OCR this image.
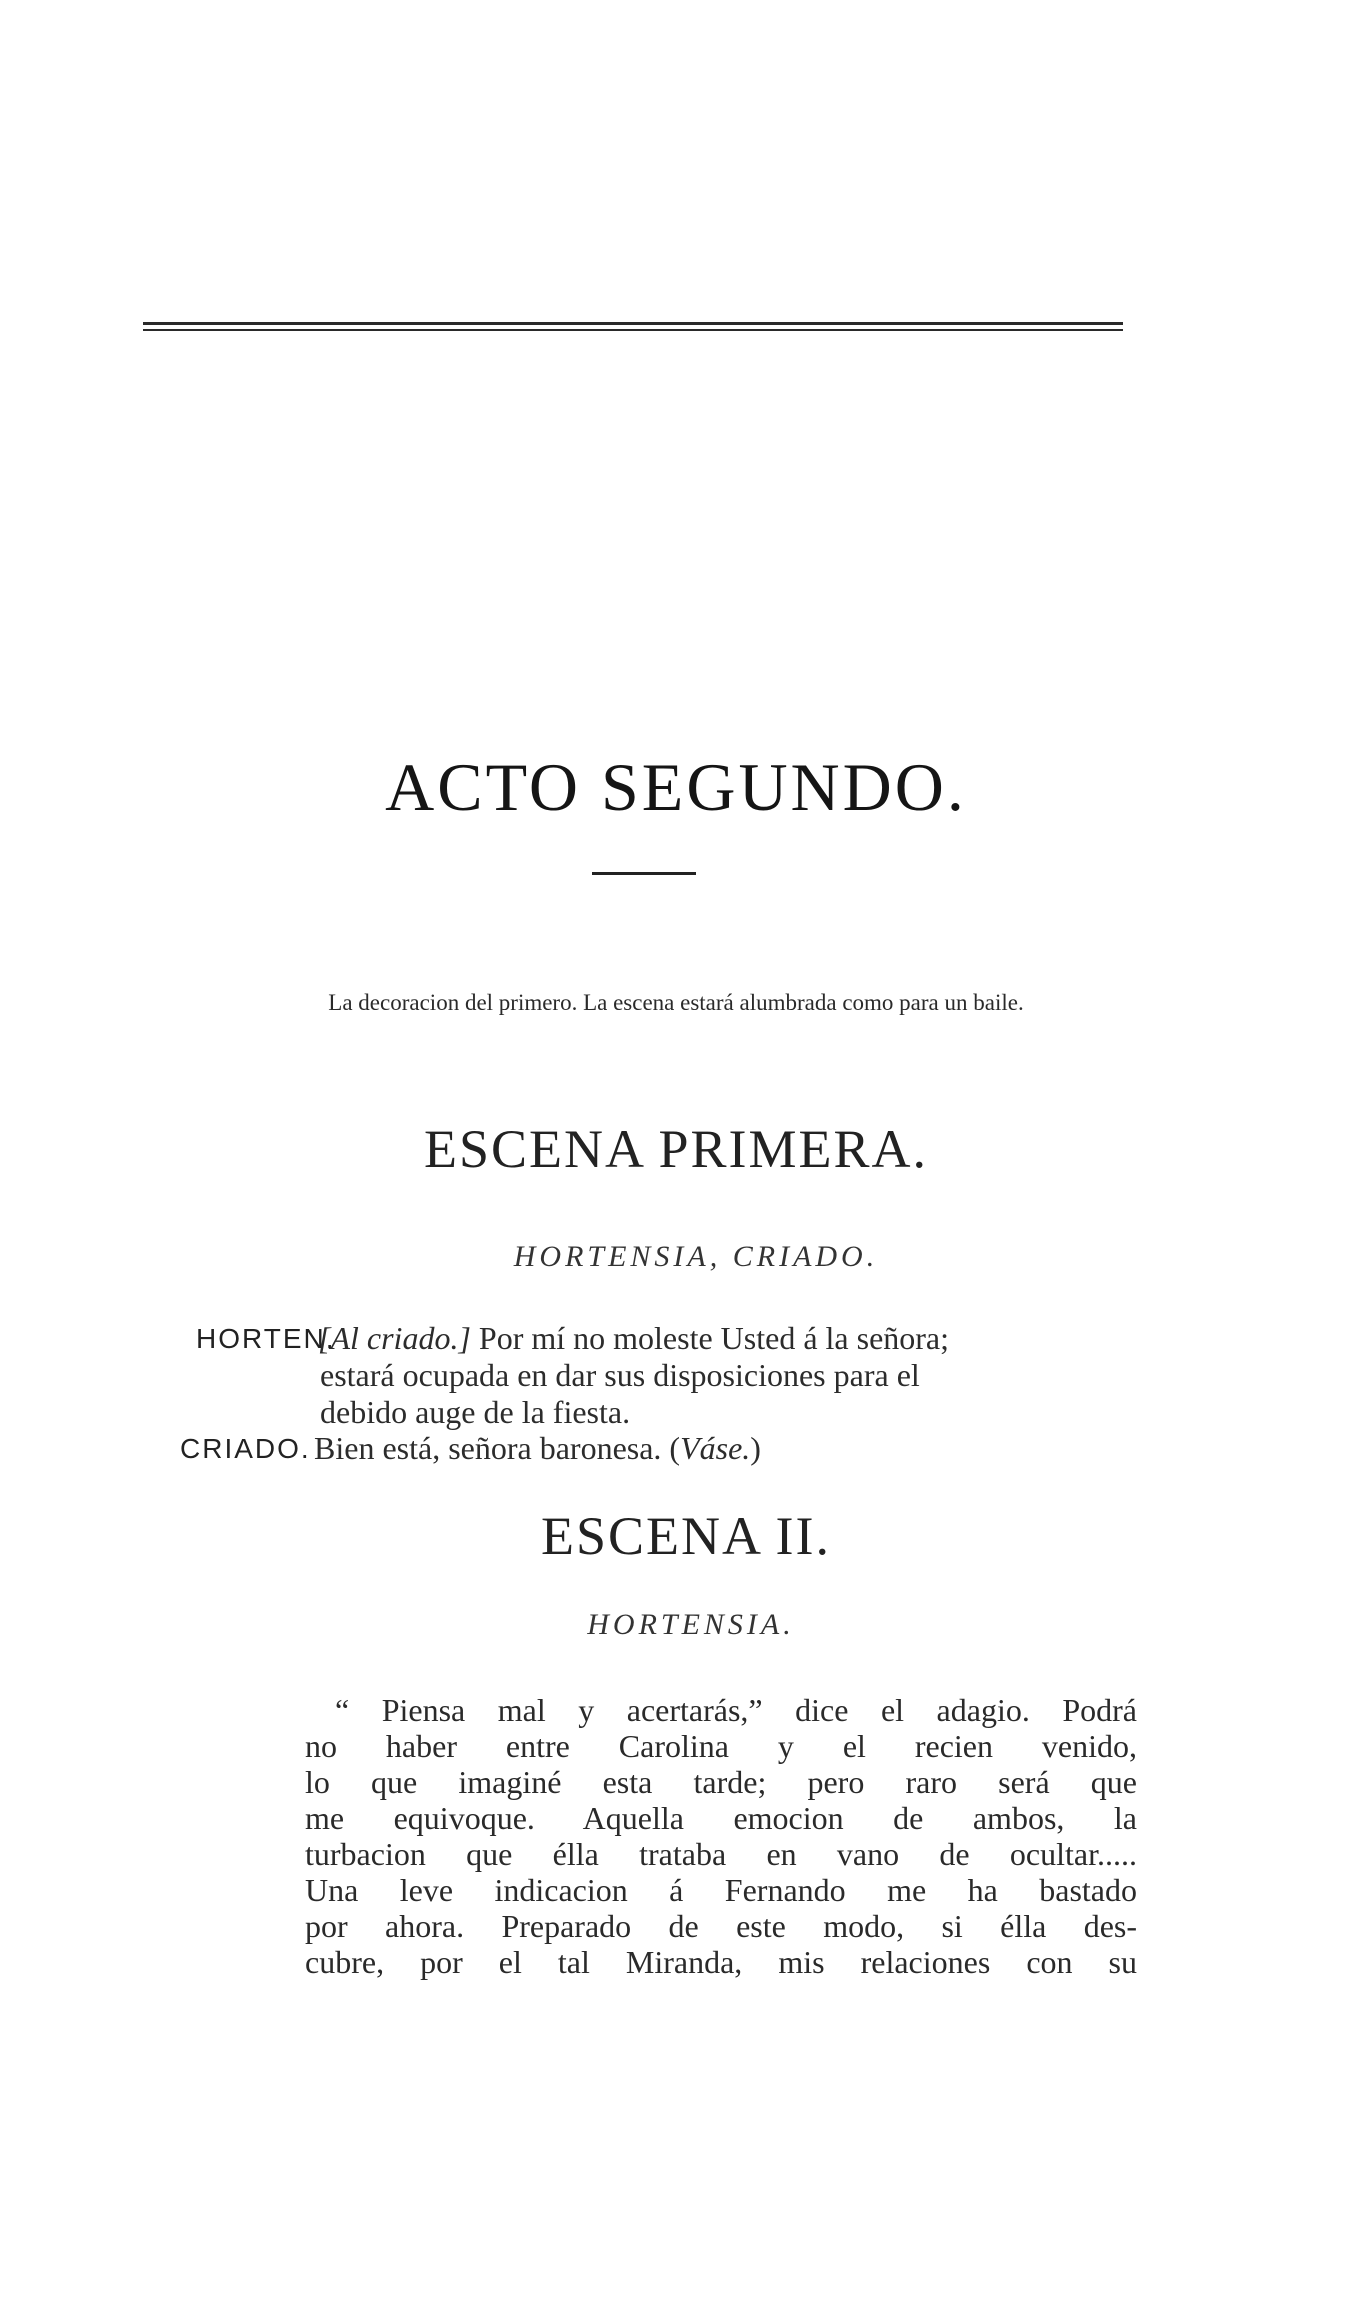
ACTO SEGUNDO.
La decoracion del primero. La escena estará alumbrada como para un baile.
ESCENA PRIMERA.
HORTENSIA, CRIADO.
HORTEN.
[Al criado.] Por mí no moleste Usted á la señora;
estará ocupada en dar sus disposiciones para el
debido auge de la fiesta.
CRIADO. Bien está, señora baronesa. (Váse.)
ESCENA II.
HORTENSIA.
“ Piensa mal y acertarás,” dice el adagio. Podrá
no haber entre Carolina y el recien venido,
lo que imaginé esta tarde; pero raro será que
me equivoque. Aquella emocion de ambos, la
turbacion que élla trataba en vano de ocultar.....
Una leve indicacion á Fernando me ha bastado
por ahora. Preparado de este modo, si élla des-
cubre, por el tal Miranda, mis relaciones con su
